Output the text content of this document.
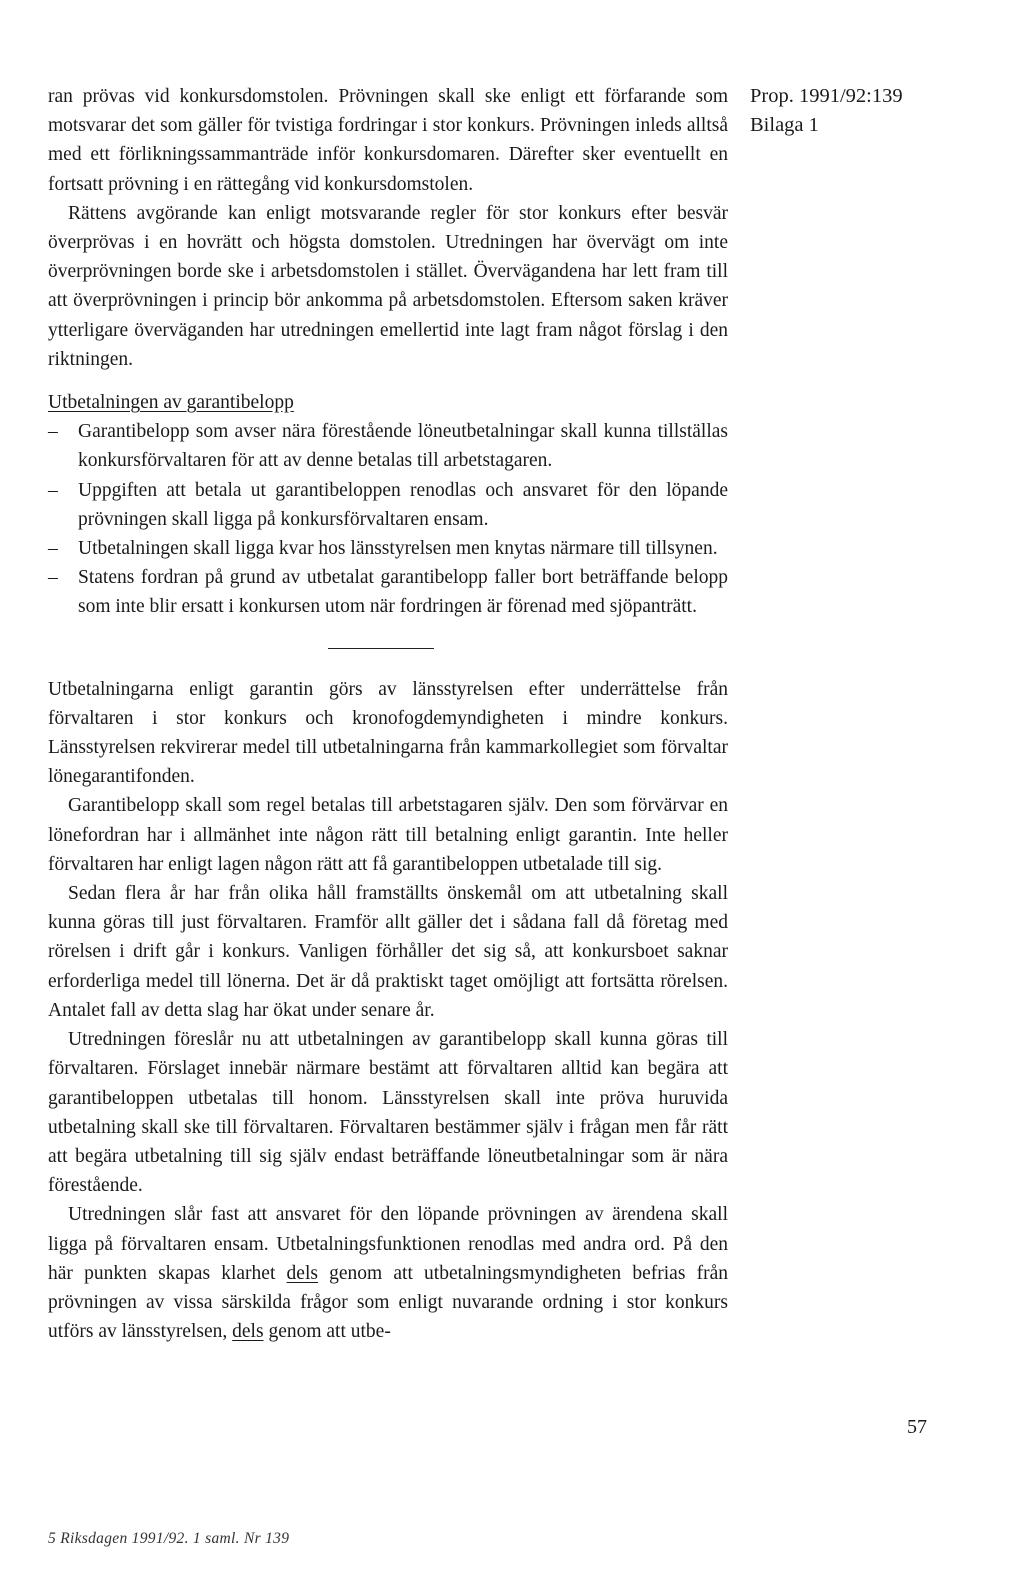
ran prövas vid konkursdomstolen. Prövningen skall ske enligt ett förfarande som motsvarar det som gäller för tvistiga fordringar i stor konkurs. Prövningen inleds alltså med ett förlikningssammanträde inför konkursdomaren. Därefter sker eventuellt en fortsatt prövning i en rättegång vid konkursdomstolen.

Rättens avgörande kan enligt motsvarande regler för stor konkurs efter besvär överprövas i en hovrätt och högsta domstolen. Utredningen har övervägt om inte överprövningen borde ske i arbetsdomstolen i stället. Övervägandena har lett fram till att överprövningen i princip bör ankomma på arbetsdomstolen. Eftersom saken kräver ytterligare överväganden har utredningen emellertid inte lagt fram något förslag i den riktningen.

Utbetalningen av garantibelopp

– Garantibelopp som avser nära förestående löneutbetalningar skall kunna tillställas konkursförvaltaren för att av denne betalas till arbetstagaren.
– Uppgiften att betala ut garantibeloppen renodlas och ansvaret för den löpande prövningen skall ligga på konkursförvaltaren ensam.
– Utbetalningen skall ligga kvar hos länsstyrelsen men knytas närmare till tillsynen.
– Statens fordran på grund av utbetalat garantibelopp faller bort beträffande belopp som inte blir ersatt i konkursen utom när fordringen är förenad med sjöpanträtt.

Utbetalningarna enligt garantin görs av länsstyrelsen efter underrättelse från förvaltaren i stor konkurs och kronofogdemyndigheten i mindre konkurs. Länsstyrelsen rekvirerar medel till utbetalningarna från kammarkollegiet som förvaltar lönegarantifonden.

Garantibelopp skall som regel betalas till arbetstagaren själv. Den som förvärvar en lönefordran har i allmänhet inte någon rätt till betalning enligt garantin. Inte heller förvaltaren har enligt lagen någon rätt att få garantibeloppen utbetalade till sig.

Sedan flera år har från olika håll framställts önskemål om att utbetalning skall kunna göras till just förvaltaren. Framför allt gäller det i sådana fall då företag med rörelsen i drift går i konkurs. Vanligen förhåller det sig så, att konkursboet saknar erforderliga medel till lönerna. Det är då praktiskt taget omöjligt att fortsätta rörelsen. Antalet fall av detta slag har ökat under senare år.

Utredningen föreslår nu att utbetalningen av garantibelopp skall kunna göras till förvaltaren. Förslaget innebär närmare bestämt att förvaltaren alltid kan begära att garantibeloppen utbetalas till honom. Länsstyrelsen skall inte pröva huruvida utbetalning skall ske till förvaltaren. Förvaltaren bestämmer själv i frågan men får rätt att begära utbetalning till sig själv endast beträffande löneutbetalningar som är nära förestående.

Utredningen slår fast att ansvaret för den löpande prövningen av ärendena skall ligga på förvaltaren ensam. Utbetalningsfunktionen renodlas med andra ord. På den här punkten skapas klarhet dels genom att utbetalningsmyndigheten befrias från prövningen av vissa särskilda frågor som enligt nuvarande ordning i stor konkurs utförs av länsstyrelsen, dels genom att utbe-

Prop. 1991/92:139
Bilaga 1
57
5 Riksdagen 1991/92. 1 saml. Nr 139
